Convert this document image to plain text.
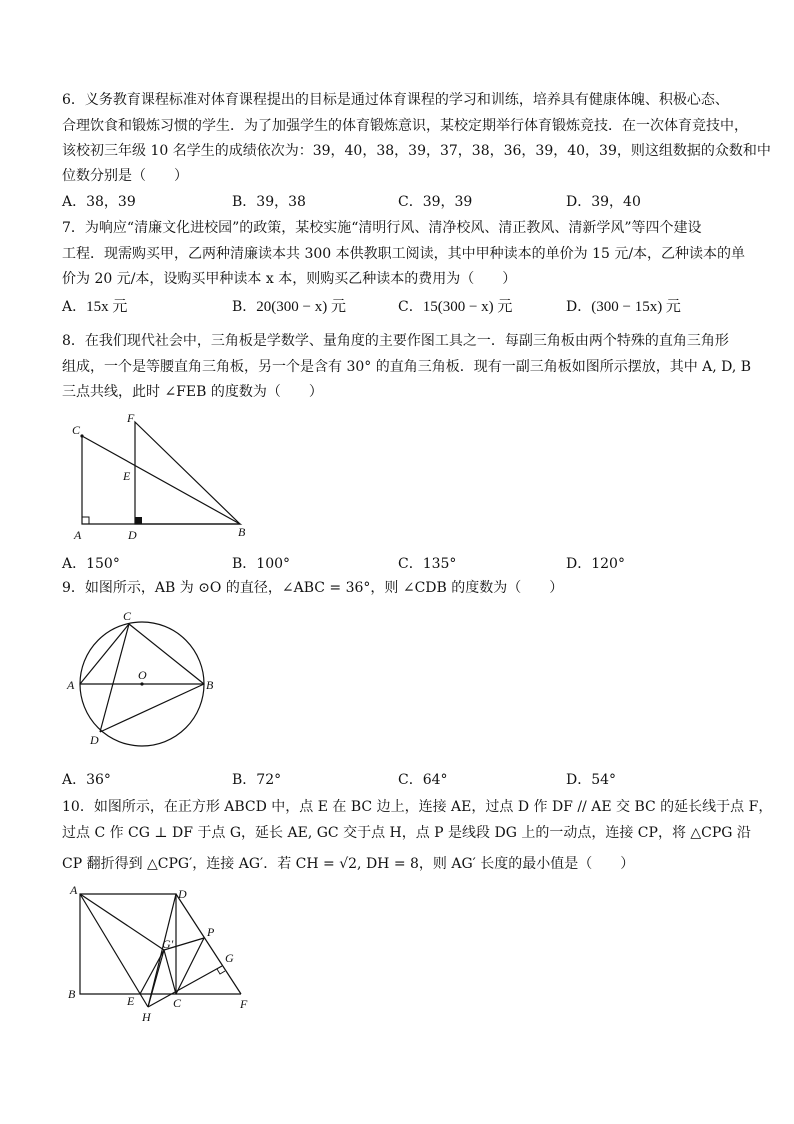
6．义务教育课程标准对体育课程提出的目标是通过体育课程的学习和训练，培养具有健康体魄、积极心态、
合理饮食和锻炼习惯的学生．为了加强学生的体育锻炼意识，某校定期举行体育锻炼竞技．在一次体育竞技中，
该校初三年级 10 名学生的成绩依次为：39，40，38，39，37，38，36，39，40，39，则这组数据的众数和中
位数分别是（　　）
A．38，39	B．39，38	C．39，39	D．39，40
7．为响应“清廉文化进校园”的政策，某校实施“清明行风、清净校风、清正教风、清新学风”等四个建设
工程．现需购买甲，乙两种清廉读本共 300 本供教职工阅读，其中甲种读本的单价为 15 元/本，乙种读本的单
价为 20 元/本，设购买甲种读本 x 本，则购买乙种读本的费用为（　　）
A．15x 元	B．20(300 − x) 元	C．15(300 − x) 元	D．(300 − 15x) 元
8．在我们现代社会中，三角板是学数学、量角度的主要作图工具之一．每副三角板由两个特殊的直角三角形
组成，一个是等腰直角三角板，另一个是含有 30° 的直角三角板．现有一副三角板如图所示摆放，其中 A, D, B
三点共线，此时 ∠FEB 的度数为（　　）
C
F
E
A	D	B
A．150°	B．100°	C．135°	D．120°
9．如图所示，AB 为 ⊙O 的直径，∠ABC = 36°，则 ∠CDB 的度数为（　　）
C
A
O
B
D
A．36°	B．72°	C．64°	D．54°
10．如图所示，在正方形 ABCD 中，点 E 在 BC 边上，连接 AE，过点 D 作 DF // AE 交 BC 的延长线于点 F，
过点 C 作 CG ⊥ DF 于点 G，延长 AE, GC 交于点 H，点 P 是线段 DG 上的一动点，连接 CP，将 △CPG 沿
CP 翻折得到 △CPG′，连接 AG′．若 CH = √2, DH = 8，则 AG′ 长度的最小值是（　　）
A	D
P
G′
G
B	E	C	F
H
